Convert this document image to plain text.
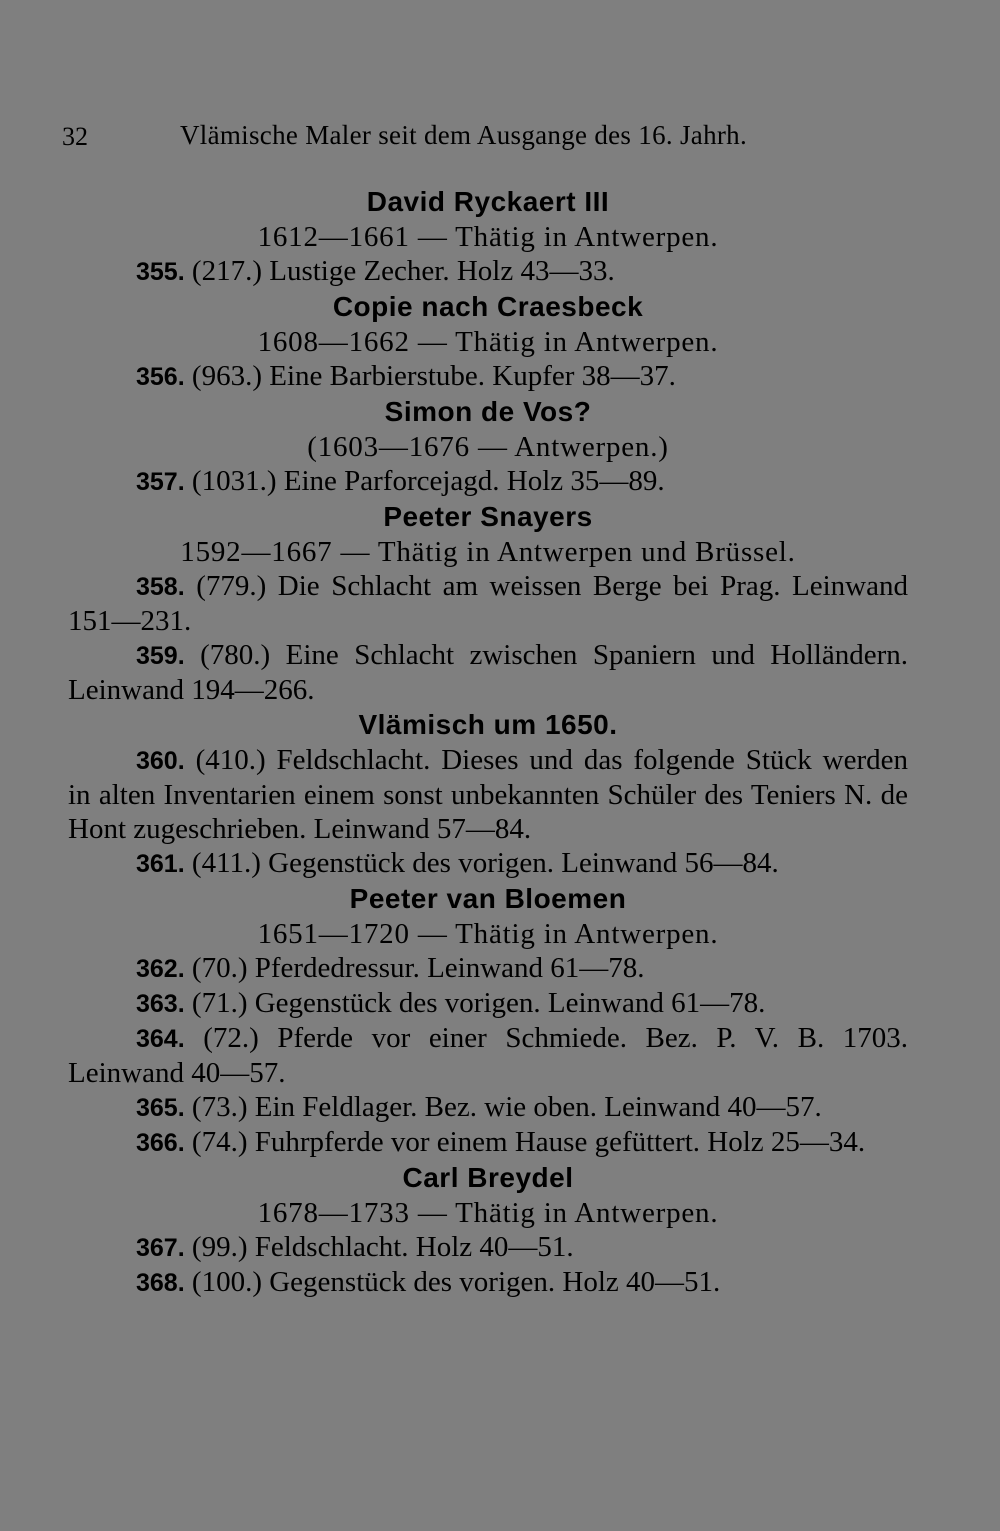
32	Vlämische Maler seit dem Ausgange des 16. Jahrh.
David Ryckaert III
1612—1661 — Thätig in Antwerpen.
355. (217.) Lustige Zecher. Holz 43—33.
Copie nach Craesbeck
1608—1662 — Thätig in Antwerpen.
356. (963.) Eine Barbierstube. Kupfer 38—37.
Simon de Vos?
(1603—1676 — Antwerpen.)
357. (1031.) Eine Parforcejagd. Holz 35—89.
Peeter Snayers
1592—1667 — Thätig in Antwerpen und Brüssel.
358. (779.) Die Schlacht am weissen Berge bei Prag. Leinwand 151—231.
359. (780.) Eine Schlacht zwischen Spaniern und Holländern. Leinwand 194—266.
Vlämisch um 1650.
360. (410.) Feldschlacht. Dieses und das folgende Stück werden in alten Inventarien einem sonst unbekannten Schüler des Teniers N. de Hont zugeschrieben. Leinwand 57—84.
361. (411.) Gegenstück des vorigen. Leinwand 56—84.
Peeter van Bloemen
1651—1720 — Thätig in Antwerpen.
362. (70.) Pferdedressur. Leinwand 61—78.
363. (71.) Gegenstück des vorigen. Leinwand 61—78.
364. (72.) Pferde vor einer Schmiede. Bez. P. V. B. 1703. Leinwand 40—57.
365. (73.) Ein Feldlager. Bez. wie oben. Leinwand 40—57.
366. (74.) Fuhrpferde vor einem Hause gefüttert. Holz 25—34.
Carl Breydel
1678—1733 — Thätig in Antwerpen.
367. (99.) Feldschlacht. Holz 40—51.
368. (100.) Gegenstück des vorigen. Holz 40—51.
